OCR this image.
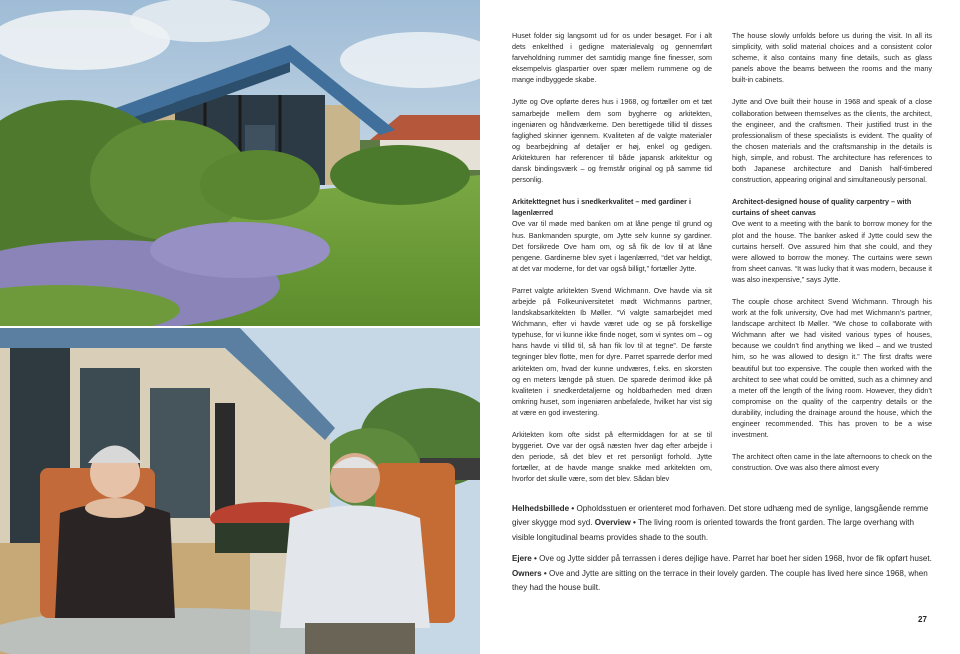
Huset folder sig langsomt ud for os under besøget. For i alt dets enkelthed i gedigne materialevalg og gennemført farveholdning rummer det samtidig mange fine finesser, som eksempelvis glaspartier over spær mellem rummene og de mange indbyggede skabe.

Jytte og Ove opførte deres hus i 1968, og fortæller om et tæt samarbejde mellem dem som bygherre og arkitekten, ingeniøren og håndværkerne. Den berettigede tillid til disses faglighed skinner igennem. Kvaliteten af de valgte materialer og bearbejdning af detaljer er høj, enkel og gedigen. Arkitekturen har referencer til både japansk arkitektur og dansk bindingsværk – og fremstår original og på samme tid personlig.

Arkitekttegnet hus i snedkerkvalitet – med gardiner i lagenlærred

Ove var til møde med banken om at låne penge til grund og hus. Bankmanden spurgte, om Jytte selv kunne sy gardiner. Det forsikrede Ove ham om, og så fik de lov til at låne pengene. Gardinerne blev syet i lagenlærred, “det var heldigt, at det var moderne, for det var også billigt,” fortæller Jytte.

Parret valgte arkitekten Svend Wichmann. Ove havde via sit arbejde på Folkeuniversitetet mødt Wichmanns partner, landskabsarkitekten Ib Møller. “Vi valgte samarbejdet med Wichmann, efter vi havde været ude og se på forskellige typehuse, for vi kunne ikke finde noget, som vi syntes om – og hans havde vi tillid til, så han fik lov til at tegne”. De første tegninger blev flotte, men for dyre. Parret sparrede derfor med arkitekten om, hvad der kunne undværes, f.eks. en skorsten og en meters længde på stuen. De sparede derimod ikke på kvaliteten i snedkerdetaljerne og holdbarheden med dræn omkring huset, som ingeniøren anbefalede, hvilket har vist sig at være en god investering.

Arkitekten kom ofte sidst på eftermiddagen for at se til byggeriet. Ove var der også næsten hver dag efter arbejde i den periode, så det blev et ret personligt forhold. Jytte fortæller, at de havde mange snakke med arkitekten om, hvorfor det skulle være, som det blev. Sådan blev

The house slowly unfolds before us during the visit. In all its simplicity, with solid material choices and a consistent color scheme, it also contains many fine details, such as glass panels above the beams between the rooms and the many built-in cabinets.

Jytte and Ove built their house in 1968 and speak of a close collaboration between themselves as the clients, the architect, the engineer, and the craftsmen. Their justified trust in the professionalism of these specialists is evident. The quality of the chosen materials and the craftsmanship in the details is high, simple, and robust. The architecture has references to both Japanese architecture and Danish half-timbered construction, appearing original and simultaneously personal.

Architect-designed house of quality carpentry – with curtains of sheet canvas

Ove went to a meeting with the bank to borrow money for the plot and the house. The banker asked if Jytte could sew the curtains herself. Ove assured him that she could, and they were allowed to borrow the money. The curtains were sewn from sheet canvas. “It was lucky that it was modern, because it was also inexpensive,” says Jytte.

The couple chose architect Svend Wichmann. Through his work at the folk university, Ove had met Wichmann’s partner, landscape architect Ib Møller. “We chose to collaborate with Wichmann after we had visited various types of houses, because we couldn’t find anything we liked – and we trusted him, so he was allowed to design it.” The first drafts were beautiful but too expensive. The couple then worked with the architect to see what could be omitted, such as a chimney and a meter off the length of the living room. However, they didn’t compromise on the quality of the carpentry details or the durability, including the drainage around the house, which the engineer recommended. This has proven to be a wise investment.

The architect often came in the late afternoons to check on the construction. Ove was also there almost every

Helhedsbillede • Opholdsstuen er orienteret mod forhaven. Det store udhæng med de synlige, langsgående remme giver skygge mod syd. Overview • The living room is oriented towards the front garden. The large overhang with visible longitudinal beams provides shade to the south.

Ejere • Ove og Jytte sidder på terrassen i deres dejlige have. Parret har boet her siden 1968, hvor de fik opført huset. Owners • Ove and Jytte are sitting on the terrace in their lovely garden. The couple has lived here since 1968, when they had the house built.

27
